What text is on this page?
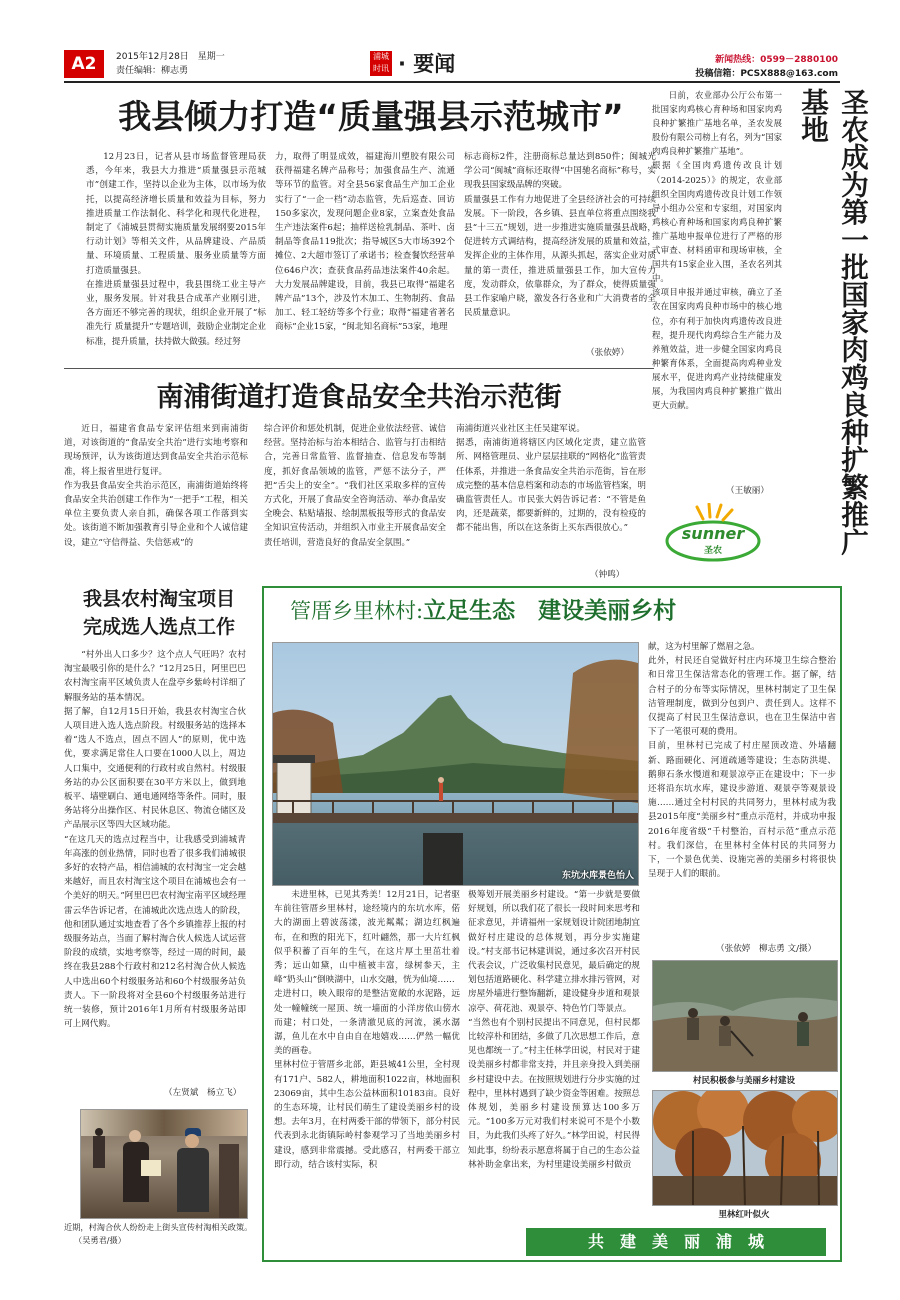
A2	2015年12月28日　星期一
责任编辑：柳志勇
浦城时讯 · 要闻	新闻热线：0599－2880100
投稿信箱：PCSX888@163.com
我县倾力打造“质量强县示范城市”
12月23日，记者从县市场监督管理局获悉，今年来，我县大力推进“质量强县示范城市”创建工作，坚持以企业为主体，以市场为依托，以提高经济增长质量和效益为目标，努力推进质量工作法制化、科学化和现代化进程，制定了《浦城县贯彻实施质量发展纲要2015年行动计划》等相关文件，从品牌建设、产品质量、环境质量、工程质量、服务业质量等方面打造质量强县。
在推进质量强县过程中，我县围绕工业主导产业，服务发展。针对我县合成革产业刚引进，各方面还不够完善的现状，组织企业开展了“标准先行 质量提升”专题培训，鼓励企业制定企业标准，提升质量，扶持做大做强。经过努
力，取得了明显成效，福建海川塑胶有限公司获得福建名牌产品称号；加强食品生产、流通等环节的监管。对全县56家食品生产加工企业实行了“一企一档”动态监管，先后巡查、回访150多家次，发现问题企业8家，立案查处食品生产违法案件6起；抽样送检乳制品、茶叶、卤制品等食品119批次；指导城区5大市场392个摊位、2大超市签订了承诺书；检查餐饮经营单位646户次；查获食品药品违法案件40余起。大力发展品牌建设，目前，我县已取得“福建名牌产品”13个，涉及竹木加工、生物制药、食品加工、轻工轻纺等多个行业；取得“福建省著名商标”企业15家，“闽北知名商标”53家，地理
标志商标2件，注册商标总量达到850件；闽城光学公司“闽城”商标还取得“中国驰名商标”称号，实现我县国家级品牌的突破。
质量强县工作有力地促进了全县经济社会的可持续发展。下一阶段，各乡镇、县直单位将重点围绕我县“十三五”规划，进一步推进实施质量强县战略，促进转方式调结构，提高经济发展的质量和效益，发挥企业的主体作用，从源头抓起，落实企业对质量的第一责任，推进质量强县工作，加大宣传力度，发动群众，依靠群众，为了群众，使得质量强县工作家喻户晓，激发各行各业和广大消费者的全民质量意识。
（张依婷）
南浦街道打造食品安全共治示范街
近日，福建省食品专家评估组来到南浦街道，对该街道的“食品安全共治”进行实地考察和现场预评，认为该街道达到食品安全共治示范标准，将上报省里进行复评。
作为我县食品安全共治示范区，南浦街道始终将食品安全共治创建工作作为“一把手”工程，相关单位主要负责人亲自抓，确保各项工作落到实处。该街道不断加强教育引导企业和个人诚信建设，建立“守信得益、失信惩戒”的
综合评价和惩处机制，促进企业依法经营、诚信经营。坚持治标与治本相结合、监管与打击相结合，完善日常监管、监督抽查、信息发布等制度，抓好食品领域的监管，严惩不法分子，严把“舌尖上的安全”。“我们社区采取多样的宣传方式化，开展了食品安全咨询活动、举办食品安全晚会、粘贴墙报、绘制黑板报等形式的食品安全知识宣传活动，并组织入市业主开展食品安全责任培训，营造良好的食品安全氛围。”
南浦街道兴业社区主任吴建军说。
据悉，南浦街道将辖区内区域化定责，建立监管所、网格管理员、业户层层挂联的“网格化”监管责任体系，并推进一条食品安全共治示范街，旨在形成完整的基本信息档案和动态的市场监管档案，明确监管责任人。市民张大妈告诉记者：“不管是鱼肉，还是蔬菜，都要新鲜的，过期的，没有检疫的都不能出售，所以在这条街上买东西很放心。”
（钟鸣）
日前，农业部办公厅公布第一批国家肉鸡核心育种场和国家肉鸡良种扩繁推广基地名单，圣农发展股份有限公司榜上有名，列为“国家肉鸡良种扩繁推广基地”。
根据《全国肉鸡遗传改良计划（2014-2025）》的规定，农业部组织全国肉鸡遗传改良计划工作领导小组办公室和专家组，对国家肉鸡核心育种场和国家肉鸡良种扩繁推广基地申报单位进行了严格的形式审查、材料函审和现场审核，全国共有15家企业入围，圣农名列其中。
该项目申报并通过审核，确立了圣农在国家肉鸡良种市场中的核心地位，亦有利于加快肉鸡遗传改良进程，提升现代肉鸡综合生产能力及养殖效益，进一步健全国家肉鸡良种繁育体系，全面提高肉鸡种业发展水平，促进肉鸡产业持续健康发展，为我国肉鸡良种扩繁推广做出更大贡献。
（王敏丽）	圣农成为第一批国家肉鸡良种扩繁推广基地
sunner
圣农
我县农村淘宝项目
完成选人选点工作
“村外出人口多少？这个点人气旺吗？农村淘宝最吸引你的是什么？”12月25日，阿里巴巴农村淘宝南平区域负责人在盘亭乡紫岭村详细了解服务站的基本情况。
据了解，自12月15日开始，我县农村淘宝合伙人项目进入选人选点阶段。村级服务站的选择本着“选人不选点，固点不固人”的原则，优中选优，要求满足常住人口要在1000人以上，周边人口集中，交通便利的行政村或自然村。村级服务站的办公区面积要在30平方米以上，做到地板平、墙壁刷白、通电通网络等条件。同时，服务站将分出操作区、村民休息区、物流仓储区及产品展示区等四大区域功能。
“在这几天的选点过程当中，让我感受到浦城青年高涨的创业热情，同时也看了很多我们浦城很多好的农特产品，相信浦城的农村淘宝一定会越来越好，而且农村淘宝这个项目在浦城也会有一个美好的明天。”阿里巴巴农村淘宝南平区域经理雷云华告诉记者，在浦城此次选点选人的阶段，他和团队通过实地查看了各个乡镇推荐上报的村级服务站点，当面了解村淘合伙人候选人试运营阶段的成绩，实地考察等，经过一周的时间，最终在我县288个行政村和212名村淘合伙人候选人中选出60个村级服务站和60个村级服务站负责人。下一阶段将对全县60个村级服务站进行统一装修，预计2016年1月所有村级服务站即可上网代购。
（左贤斌　杨立飞）
近期，村淘合伙人纷纷走上街头宣传村淘相关政策。（吴勇君/摄）
管厝乡里林村:立足生态　建设美丽乡村
东坑水库景色怡人
未进里林，已见其秀美！12月21日，记者驱车前往管厝乡里林村，途经境内的东坑水库，偌大的湖面上碧波荡漾，波光粼粼；湖边红枫遍布，在和煦的阳光下，红叶翩然，那一大片红枫似乎积蓄了百年的生气，在这片厚土里茁壮着秀；远山如黛，山中植被丰富，绿树参天，主峰“奶头山”倒映湖中，山水交融，恍为仙境……
走进村口，映入眼帘的是整洁宽敞的水泥路，远处一幢幢统一屋顶、统一墙面的小洋房依山傍水而建；村口处，一条清澈见底的河流，溪水潺潺，鱼儿在水中自由自在地嬉戏……俨然一幅优美的画卷。
里林村位于管厝乡北部，距县城41公里，全村现有171户、582人，耕地面积1022亩，林地面积23069亩，其中生态公益林面积10183亩。良好的生态环境，让村民们萌生了建设美丽乡村的设想。去年3月，在村两委干部的带领下，部分村民代表到永北街镇际岭村参观学习了当地美丽乡村建设，感到非常震撼。受此感召，村两委干部立即行动，结合该村实际，积
极筹划开展美丽乡村建设。“第一步就是要做好规划，所以我们花了很长一段时间来思考和征求意见，并请福州一家规划设计院团地制宜做好村庄建设的总体规划，再分步实施建设。”村支部书记林建训说，通过多次召开村民代表会议，广泛收集村民意见，最后确定的规划包括道路硬化、科学建立排水排污管网，对房屋外墙进行整饰翻新，建设健身步道和观景凉亭、荷花池、观景亭、特色竹门等景点。
“当然也有个别村民提出不同意见，但村民都比较淳朴和团结，多做了几次思想工作后，意见也都统一了。”村主任林学田说，村民对于建设美丽乡村都非常支持，并且亲身投入到美丽乡村建设中去。在按照规划进行分步实施的过程中，里林村遇到了缺少资金等困难。按照总体规划，美丽乡村建设预算达100多万元。“100多万元对我们村来说可不是个小数目，为此我们头疼了好久。”林学田说，村民得知此事，纷纷表示愿意将属于自己的生态公益林补助金拿出来，为村里建设美丽乡村做贡
献，这为村里解了燃眉之急。
此外，村民还自觉做好村庄内环境卫生综合整治和日常卫生保洁常态化的管理工作。据了解，结合村子的分布等实际情况，里林村制定了卫生保洁管理制度，做到分包到户、责任到人。这样不仅提高了村民卫生保洁意识，也在卫生保洁中省下了一笔很可观的费用。
目前，里林村已完成了村庄屋顶改造、外墙翻新、路面硬化、河道疏通等建设；生态防洪堤、鹅卵石条水慢道和观景凉亭正在建设中；下一步还将沿东坑水库，建设步游道、观景亭等观景设施……通过全村村民的共同努力，里林村成为我县2015年度“美丽乡村”重点示范村，并成功申报2016年度省级“千村整治，百村示范”重点示范村。我们深信，在里林村全体村民的共同努力下，一个景色优美、设施完善的美丽乡村将很快呈现于人们的眼前。
（张依婷　柳志勇 文/摄）
村民积极参与美丽乡村建设
里林红叶似火
共　建　美　丽　浦　城
